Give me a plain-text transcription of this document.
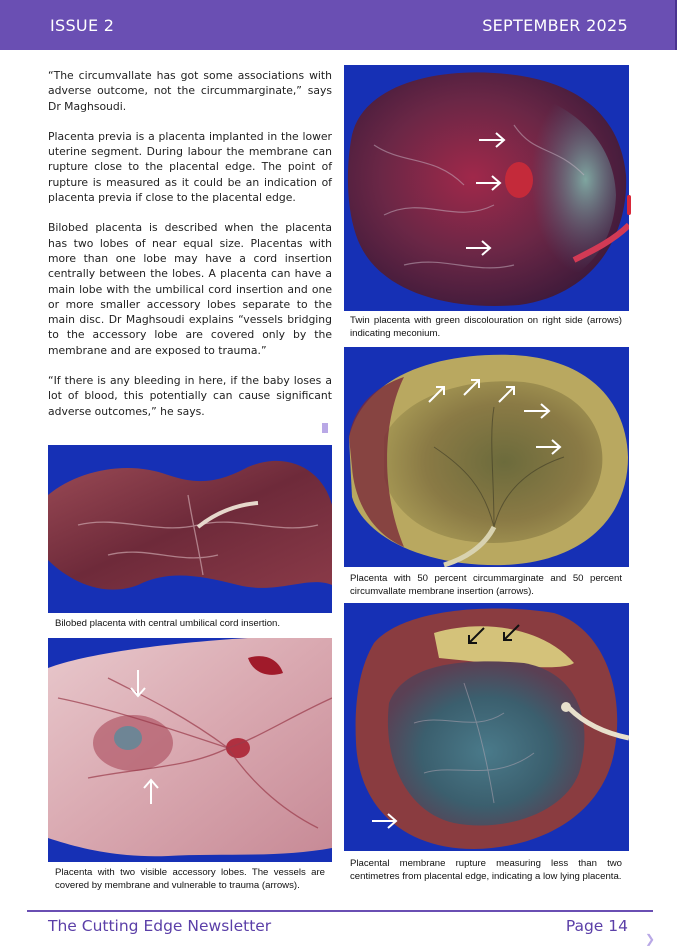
ISSUE 2	SEPTEMBER 2025

“The circumvallate has got some associations with adverse outcome, not the circummarginate,” says Dr Maghsoudi.

Placenta previa is a placenta implanted in the lower uterine segment. During labour the membrane can rupture close to the placental edge. The point of rupture is measured as it could be an indication of placenta previa if close to the placental edge.

Bilobed placenta is described when the placenta has two lobes of near equal size. Placentas with more than one lobe may have a cord insertion centrally between the lobes. A placenta can have a main lobe with the umbilical cord insertion and one or more smaller accessory lobes separate to the main disc. Dr Maghsoudi explains “vessels bridging to the accessory lobe are covered only by the membrane and are exposed to trauma.”

“If there is any bleeding in here, if the baby loses a lot of blood, this potentially can cause significant adverse outcomes,” he says.

Twin placenta with green discolouration on right side (arrows) indicating meconium.
Placenta with 50 percent circummarginate and 50 percent circumvallate membrane insertion (arrows).
Placental membrane rupture measuring less than two centimetres from placental edge, indicating a low lying placenta.
Bilobed placenta with central umbilical cord insertion.
Placenta with two visible accessory lobes. The vessels are covered by membrane and vulnerable to trauma (arrows).
The Cutting Edge Newsletter	Page 14
❯
